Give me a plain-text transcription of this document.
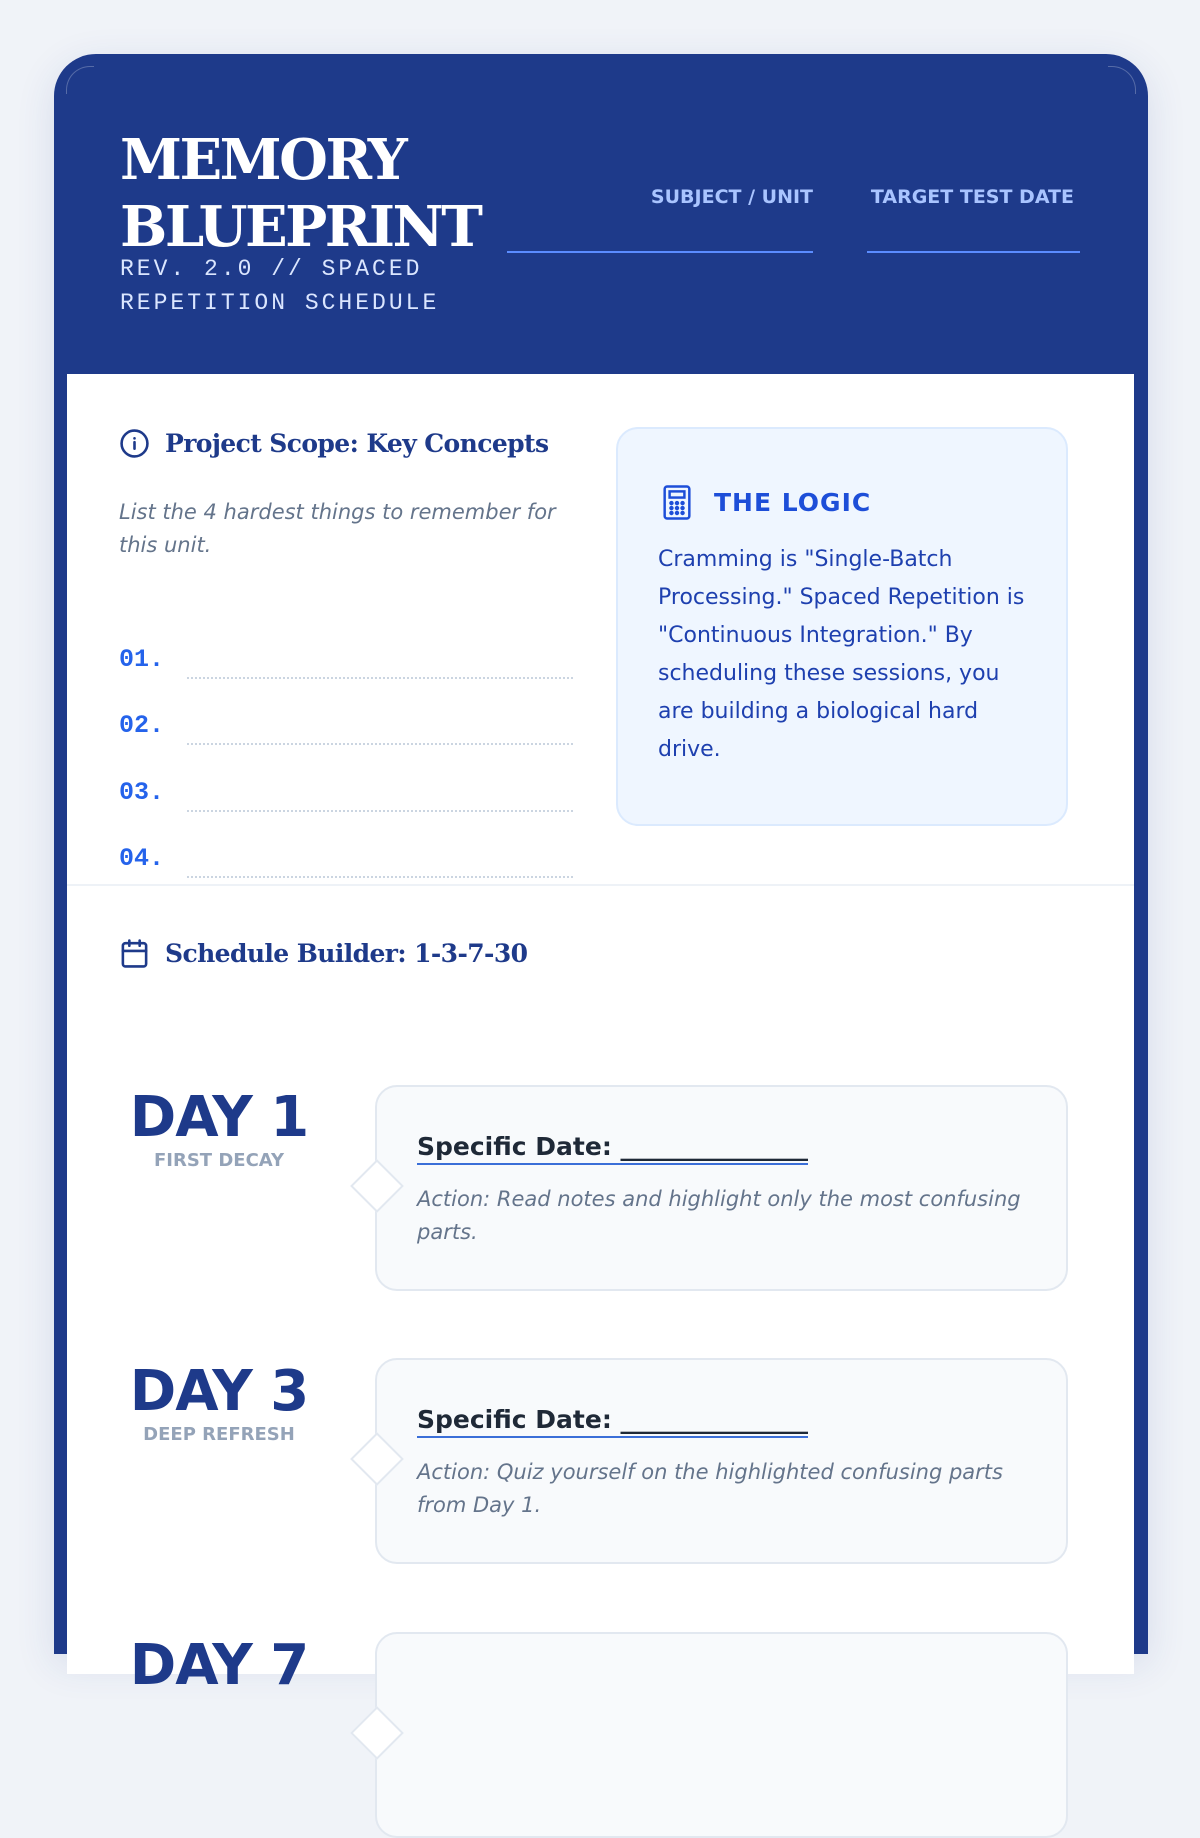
MEMORY BLUEPRINT
REV. 2.0 // SPACED REPETITION SCHEDULE
SUBJECT / UNIT	TARGET TEST DATE
Project Scope: Key Concepts
List the 4 hardest things to remember for this unit.
01.
02.
03.
04.
THE LOGIC
Cramming is "Single-Batch Processing." Spaced Repetition is "Continuous Integration." By scheduling these sessions, you are building a biological hard drive.
Schedule Builder: 1-3-7-30
DAY 1
FIRST DECAY	Specific Date: _______________
Action: Read notes and highlight only the most confusing parts.
DAY 3
DEEP REFRESH
Specific Date: _______________
Action: Quiz yourself on the highlighted confusing parts from Day 1.
DAY 7
